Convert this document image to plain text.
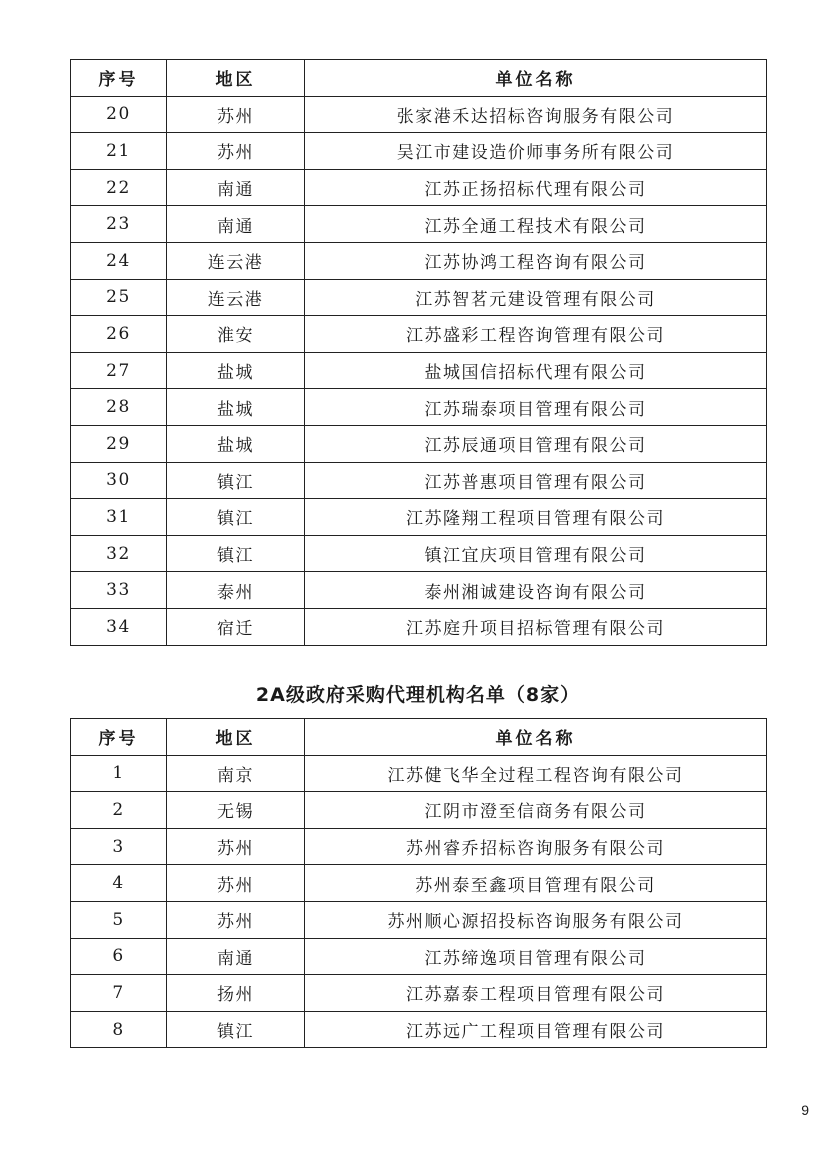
序号	地区	单位名称
20	苏州	张家港禾达招标咨询服务有限公司
21	苏州	吴江市建设造价师事务所有限公司
22	南通	江苏正扬招标代理有限公司
23	南通	江苏全通工程技术有限公司
24	连云港	江苏协鸿工程咨询有限公司
25	连云港	江苏智茗元建设管理有限公司
26	淮安	江苏盛彩工程咨询管理有限公司
27	盐城	盐城国信招标代理有限公司
28	盐城	江苏瑞泰项目管理有限公司
29	盐城	江苏辰通项目管理有限公司
30	镇江	江苏普惠项目管理有限公司
31	镇江	江苏隆翔工程项目管理有限公司
32	镇江	镇江宜庆项目管理有限公司
33	泰州	泰州湘诚建设咨询有限公司
34	宿迁	江苏庭升项目招标管理有限公司
2A级政府采购代理机构名单（8家）
序号	地区	单位名称
1	南京	江苏健飞华全过程工程咨询有限公司
2	无锡	江阴市澄至信商务有限公司
3	苏州	苏州睿乔招标咨询服务有限公司
4	苏州	苏州泰至鑫项目管理有限公司
5	苏州	苏州顺心源招投标咨询服务有限公司
6	南通	江苏缔逸项目管理有限公司
7	扬州	江苏嘉泰工程项目管理有限公司
8	镇江	江苏远广工程项目管理有限公司
9
